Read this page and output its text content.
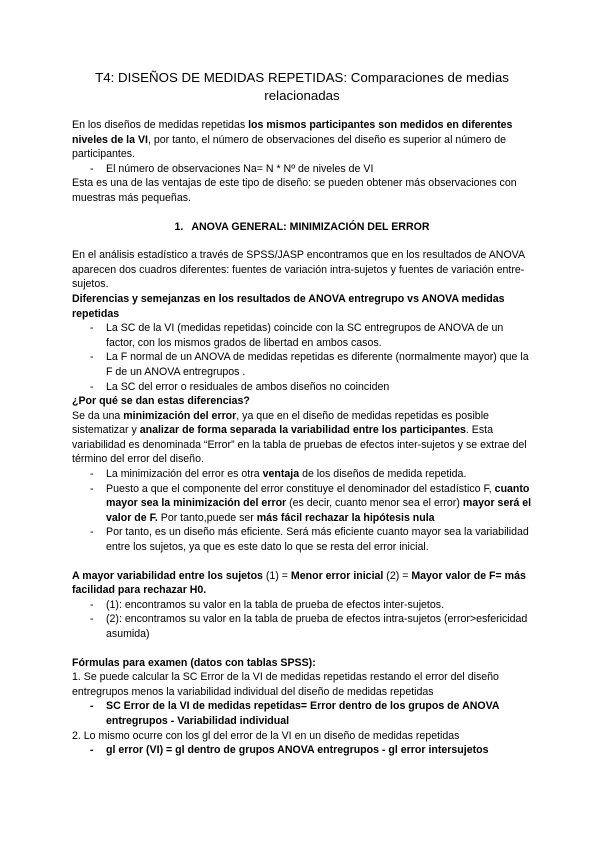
T4: DISEÑOS DE MEDIDAS REPETIDAS: Comparaciones de medias relacionadas

En los diseños de medidas repetidas los mismos participantes son medidos en diferentes niveles de la VI, por tanto, el número de observaciones del diseño es superior al número de participantes.

- El número de observaciones Na= N * Nº de niveles de VI

Esta es una de las ventajas de este tipo de diseño: se pueden obtener más observaciones con muestras más pequeñas.

1. ANOVA GENERAL: MINIMIZACIÓN DEL ERROR

En el análisis estadístico a través de SPSS/JASP encontramos que en los resultados de ANOVA aparecen dos cuadros diferentes: fuentes de variación intra-sujetos y fuentes de variación entre-sujetos.

Diferencias y semejanzas en los resultados de ANOVA entregrupo vs ANOVA medidas repetidas

- La SC de la VI (medidas repetidas) coincide con la SC entregrupos de ANOVA de un factor, con los mismos grados de libertad en ambos casos.
- La F normal de un ANOVA de medidas repetidas es diferente (normalmente mayor) que la F de un ANOVA entregrupos .
- La SC del error o residuales de ambos diseños no coinciden

¿Por qué se dan estas diferencias?

Se da una minimización del error, ya que en el diseño de medidas repetidas es posible sistematizar y analizar de forma separada la variabilidad entre los participantes. Esta variabilidad es denominada “Error” en la tabla de pruebas de efectos inter-sujetos y se extrae del término del error del diseño.

- La minimización del error es otra ventaja de los diseños de medida repetida.
- Puesto a que el componente del error constituye el denominador del estadístico F, cuanto mayor sea la minimización del error (es decir, cuanto menor sea el error) mayor será el valor de F. Por tanto,puede ser más fácil rechazar la hipótesis nula
- Por tanto, es un diseño más eficiente. Será más eficiente cuanto mayor sea la variabilidad entre los sujetos, ya que es este dato lo que se resta del error inicial.

A mayor variabilidad entre los sujetos (1) = Menor error inicial (2) = Mayor valor de F= más facilidad para rechazar H0.

- (1): encontramos su valor en la tabla de prueba de efectos inter-sujetos.
- (2): encontramos su valor en la tabla de prueba de efectos intra-sujetos (error>esfericidad asumida)

Fórmulas para examen (datos con tablas SPSS):

1. Se puede calcular la SC Error de la VI de medidas repetidas restando el error del diseño entregrupos menos la variabilidad individual del diseño de medidas repetidas

- SC Error de la VI de medidas repetidas= Error dentro de los grupos de ANOVA entregrupos - Variabilidad individual

2. Lo mismo ocurre con los gl del error de la VI en un diseño de medidas repetidas

- gl error (VI) = gl dentro de grupos ANOVA entregrupos - gl error intersujetos
